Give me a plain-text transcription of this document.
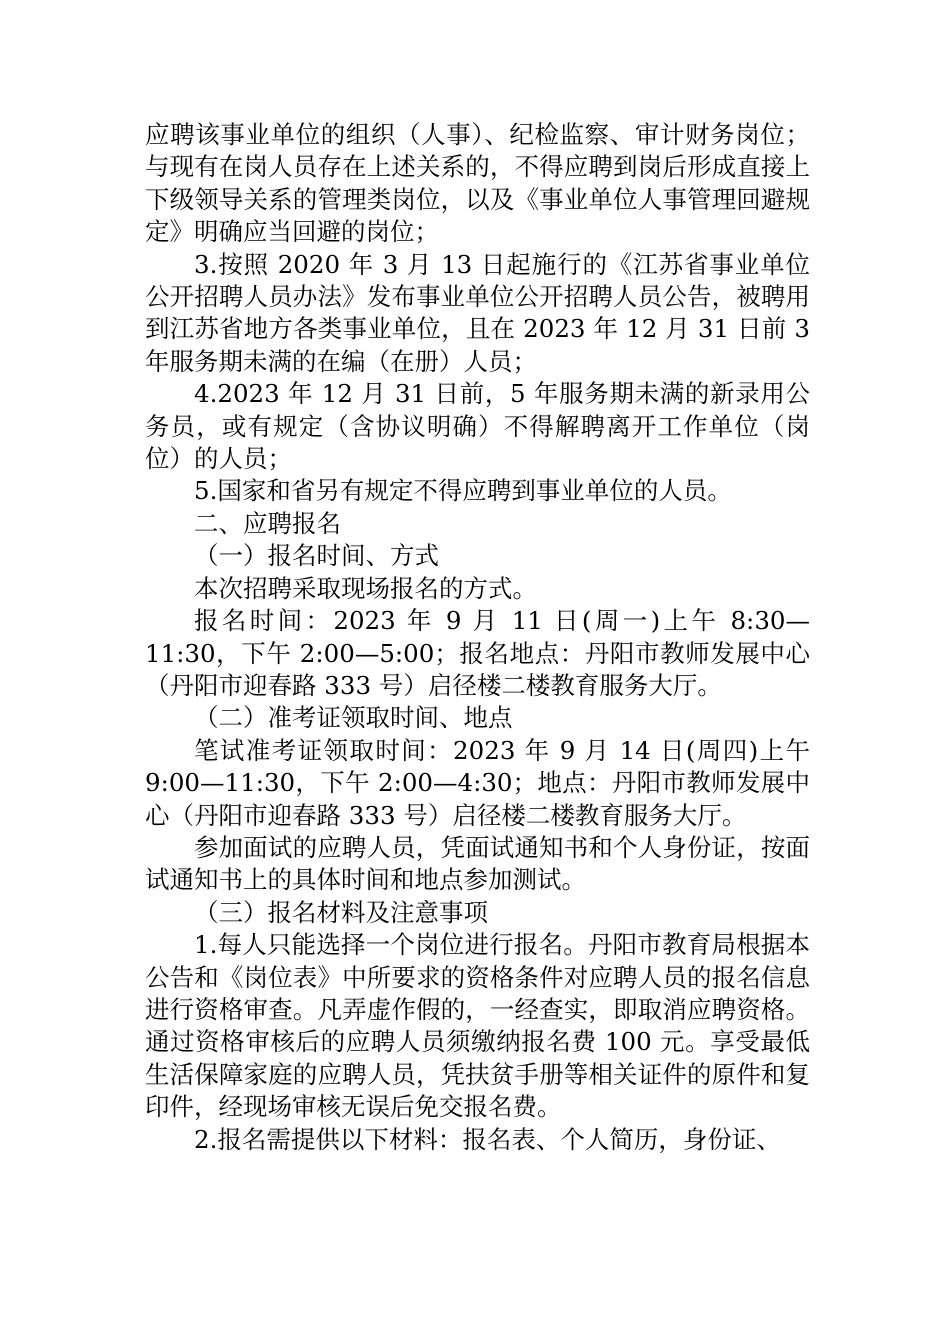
应聘该事业单位的组织（人事）、纪检监察、审计财务岗位；与现有在岗人员存在上述关系的，不得应聘到岗后形成直接上下级领导关系的管理类岗位，以及《事业单位人事管理回避规定》明确应当回避的岗位；

3.按照 2020 年 3 月 13 日起施行的《江苏省事业单位公开招聘人员办法》发布事业单位公开招聘人员公告，被聘用到江苏省地方各类事业单位，且在 2023 年 12 月 31 日前 3 年服务期未满的在编（在册）人员；

4.2023 年 12 月 31 日前，5 年服务期未满的新录用公务员，或有规定（含协议明确）不得解聘离开工作单位（岗位）的人员；

5.国家和省另有规定不得应聘到事业单位的人员。

二、应聘报名

（一）报名时间、方式

本次招聘采取现场报名的方式。

报名时间：2023 年 9 月 11 日(周一)上午 8:30—11:30，下午 2:00—5:00；报名地点：丹阳市教师发展中心（丹阳市迎春路 333 号）启径楼二楼教育服务大厅。

（二）准考证领取时间、地点

笔试准考证领取时间：2023 年 9 月 14 日(周四)上午 9:00—11:30，下午 2:00—4:30；地点：丹阳市教师发展中心（丹阳市迎春路 333 号）启径楼二楼教育服务大厅。

参加面试的应聘人员，凭面试通知书和个人身份证，按面试通知书上的具体时间和地点参加测试。

（三）报名材料及注意事项

1.每人只能选择一个岗位进行报名。丹阳市教育局根据本公告和《岗位表》中所要求的资格条件对应聘人员的报名信息进行资格审查。凡弄虚作假的，一经查实，即取消应聘资格。通过资格审核后的应聘人员须缴纳报名费 100 元。享受最低生活保障家庭的应聘人员，凭扶贫手册等相关证件的原件和复印件，经现场审核无误后免交报名费。

2.报名需提供以下材料：报名表、个人简历，身份证、
